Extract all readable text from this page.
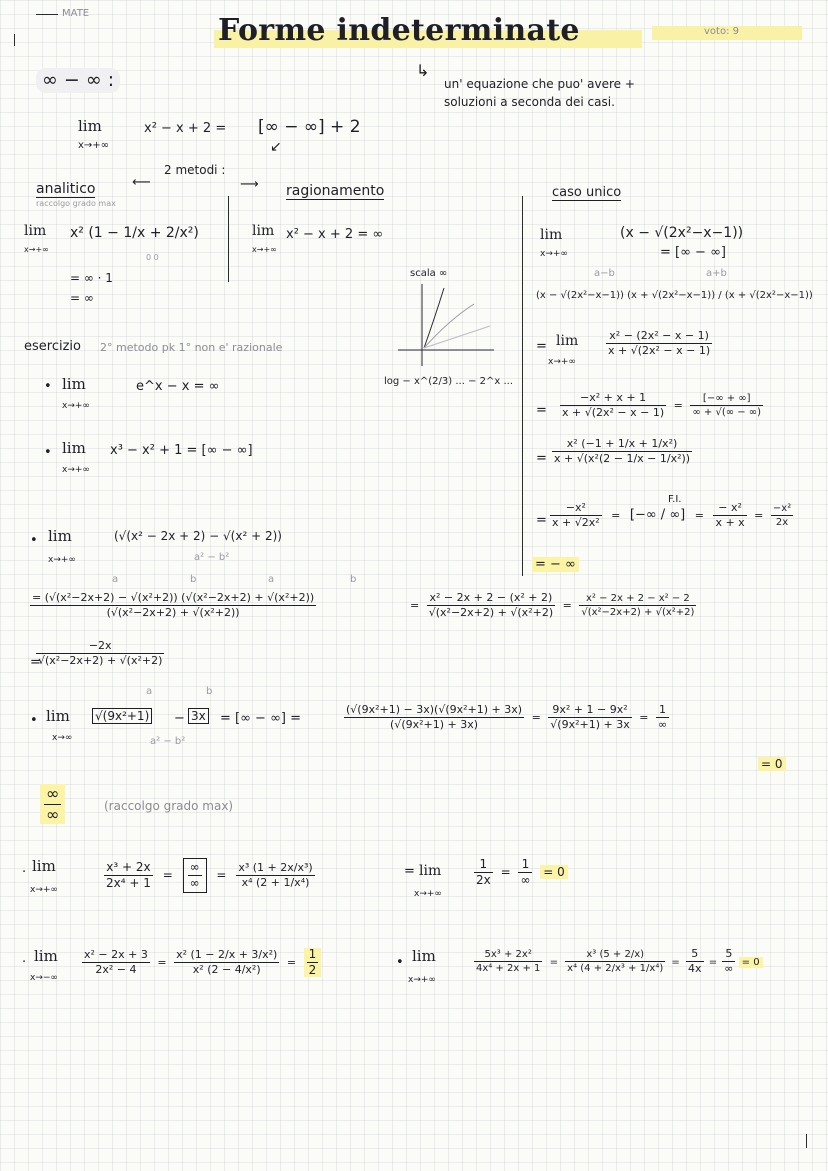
MATE	Forme indeterminate	voto: 9
∞ − ∞ :	↳
un' equazione che puo' avere +
soluzioni a seconda dei casi.
lim
x→+∞
x² − x + 2 = [∞ − ∞] + 2
↙
2 metodi :
⟵	⟶
analitico
raccolgo grado max
ragionamento
lim
x→+∞
x² (1 − 1/x + 2/x²)
0 0
= ∞ · 1
= ∞
lim
x→+∞
x² − x + 2 = ∞
scala ∞
log − x^(2/3) ... − 2^x ...
caso unico
lim
x→+∞
(x − √(2x²−x−1))
= [∞ − ∞]
a−b	a+b
(x − √(2x²−x−1)) (x + √(2x²−x−1)) / (x + √(2x²−x−1))
= lim
x→+∞
$\frac{\text{x² − (2x² − x − 1)}}{\text{x + √(2x² − x − 1)}}$
= $\frac{\text{−x² + x + 1}}{\text{x + √(2x² − x − 1)}} = \frac{[-\infty + \infty]}{\infty + √(\infty - \infty)}$
= $\frac{\text{x² (−1 + 1/x + 1/x²)}}{\text{x + √(x²(2 − 1/x − 1/x²))}}$
F.I.
= $\frac{\text{−x²}}{\text{x + √2x²}}$ = [−∞ / ∞] = $\frac{\text{− x²}}{x + x} = \frac{\text{−x²}}{2x}$
= − ∞
esercizio 2° metodo pk 1° non e' razionale
• lim
x→+∞
e^x − x = ∞
• lim
x→+∞
x³ − x² + 1 = [∞ − ∞]
• lim
x→+∞
(√(x² − 2x + 2) − √(x² + 2))
a² − b²
a	b	a	b
$\frac{\text{= (√(x²−2x+2) − √(x²+2)) (√(x²−2x+2) + √(x²+2))}}{\text{(√(x²−2x+2) + √(x²+2))}}$	= $\frac{\text{x² − 2x + 2 − (x² + 2)}}{\text{√(x²−2x+2) + √(x²+2)}} = \frac{\text{x² − 2x + 2 − x² − 2}}{\text{√(x²−2x+2) + √(x²+2)}}$
=
$\frac{-2x}{\text{√(x²−2x+2) + √(x²+2)}}$
a	b
• lim
x→∞
√(9x²+1) − 3x
a² − b²
= [∞ − ∞] =	$\frac{\text{(√(9x²+1) − 3x)(√(9x²+1) + 3x)}}{\text{(√(9x²+1) + 3x)}} = \frac{\text{9x² + 1 − 9x²}}{\text{√(9x²+1) + 3x}} = \frac{1}{\infty}$
= 0
$\frac{\infty}{\infty}$	(raccolgo grado max)
· lim
x→+∞	$\frac{\text{x³ + 2x}}{\text{2x⁴ + 1}} = \frac{\infty}{\infty} = \frac{\text{x³ (1 + 2x/x³)}}{\text{x⁴ (2 + 1/x⁴)}}$	= lim
x→+∞
$\frac{1}{2x} = \frac{1}{\infty} = 0$
· lim
x→−∞
$\frac{\text{x² − 2x + 3}}{\text{2x² − 4}} = \frac{\text{x² (1 − 2/x + 3/x²)}}{\text{x² (2 − 4/x²)}} = \frac{1}{2}$	• lim
x→+∞
$\frac{\text{5x³ + 2x²}}{\text{4x⁴ + 2x + 1}} = \frac{\text{x³ (5 + 2/x)}}{\text{x⁴ (4 + 2/x³ + 1/x⁴)}} = \frac{5}{4x} = \frac{5}{\infty} = 0$
